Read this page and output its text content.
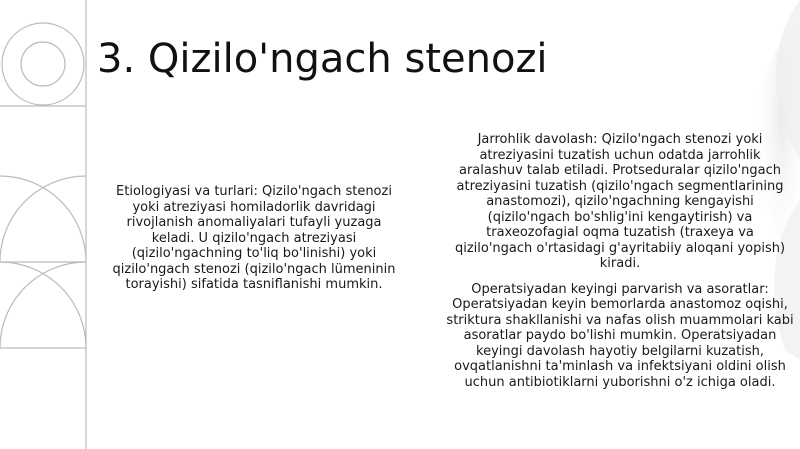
3. Qizilo'ngach stenozi

Etiologiyasi va turlari: Qizilo'ngach stenozi yoki atreziyasi homiladorlik davridagi rivojlanish anomaliyalari tufayli yuzaga keladi. U qizilo'ngach atreziyasi (qizilo'ngachning to'liq bo'linishi) yoki qizilo'ngach stenozi (qizilo'ngach lümeninin torayishi) sifatida tasniflanishi mumkin.

Jarrohlik davolash: Qizilo'ngach stenozi yoki atreziyasini tuzatish uchun odatda jarrohlik aralashuv talab etiladi. Protseduralar qizilo'ngach atreziyasini tuzatish (qizilo'ngach segmentlarining anastomozi), qizilo'ngachning kengayishi (qizilo'ngach bo'shlig'ini kengaytirish) va traxeozofagial oqma tuzatish (traxeya va qizilo'ngach o'rtasidagi g'ayritabiiy aloqani yopish) kiradi.

Operatsiyadan keyingi parvarish va asoratlar: Operatsiyadan keyin bemorlarda anastomoz oqishi, striktura shakllanishi va nafas olish muammolari kabi asoratlar paydo bo'lishi mumkin. Operatsiyadan keyingi davolash hayotiy belgilarni kuzatish, ovqatlanishni ta'minlash va infektsiyani oldini olish uchun antibiotiklarni yuborishni o'z ichiga oladi.
